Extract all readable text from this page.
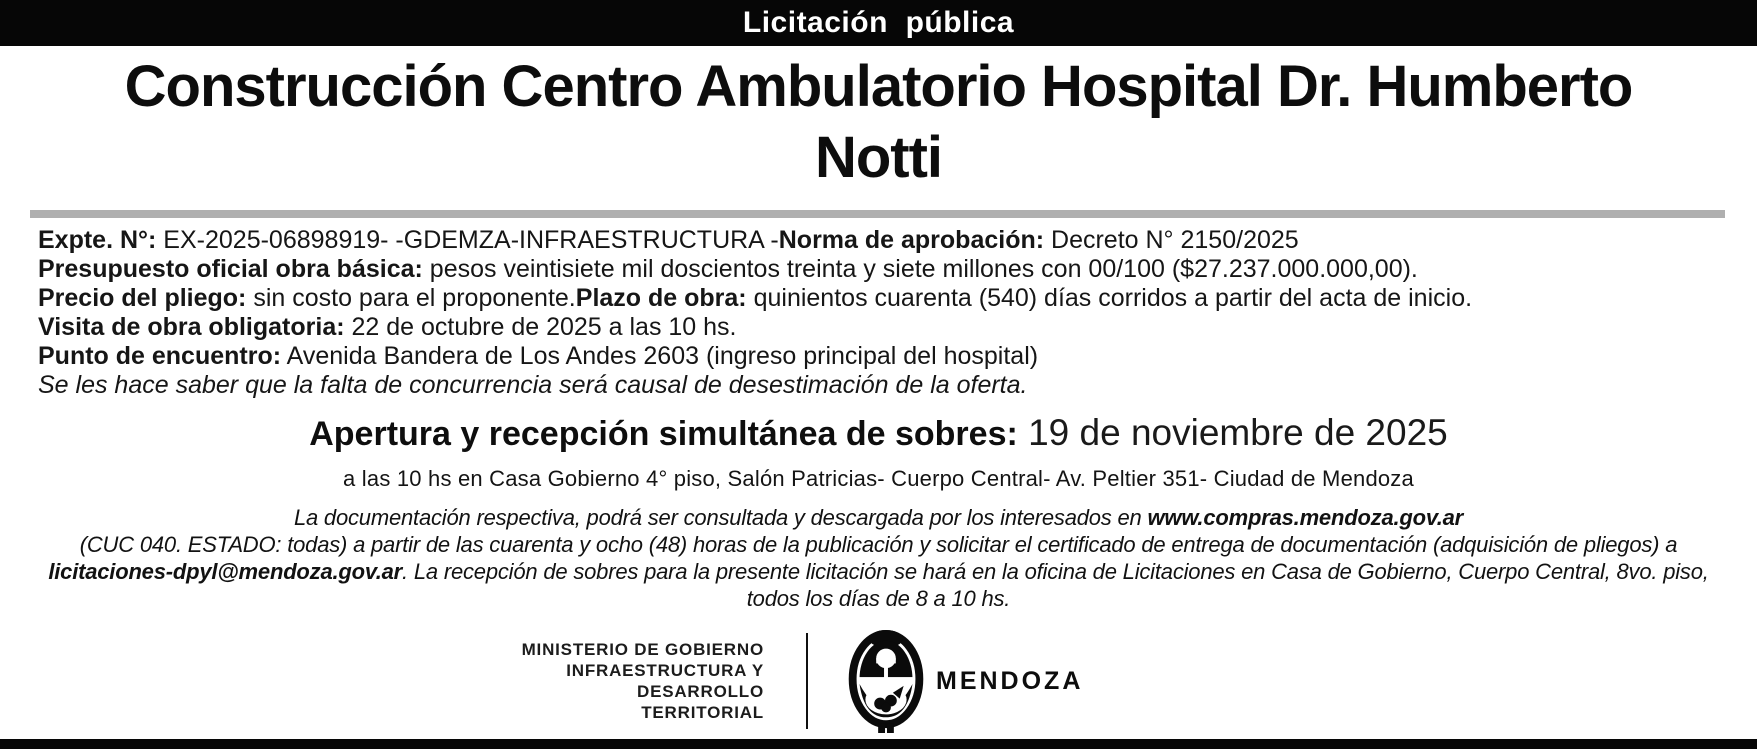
Licitación  pública
Construcción Centro Ambulatorio Hospital Dr. Humberto Notti

Expte. N°: EX-2025-06898919- -GDEMZA-INFRAESTRUCTURA -Norma de aprobación: Decreto N° 2150/2025

Presupuesto oficial obra básica: pesos veintisiete mil doscientos treinta y siete millones con 00/100 ($27.237.000.000,00).

Precio del pliego: sin costo para el proponente.Plazo de obra: quinientos cuarenta (540) días corridos a partir del acta de inicio.

Visita de obra obligatoria: 22 de octubre de 2025 a las 10 hs.

Punto de encuentro: Avenida Bandera de Los Andes 2603 (ingreso principal del hospital)

Se les hace saber que la falta de concurrencia será causal de desestimación de la oferta.

Apertura y recepción simultánea de sobres: 19 de noviembre de 2025
a las 10 hs en Casa Gobierno 4° piso, Salón Patricias- Cuerpo Central- Av. Peltier 351- Ciudad de Mendoza

La documentación respectiva, podrá ser consultada y descargada por los interesados en www.compras.mendoza.gov.ar

(CUC 040. ESTADO: todas) a partir de las cuarenta y ocho (48) horas de la publicación y solicitar el certificado de entrega de documentación (adquisición de pliegos) a

licitaciones-dpyl@mendoza.gov.ar. La recepción de sobres para la presente licitación se hará en la oficina de Licitaciones en Casa de Gobierno, Cuerpo Central, 8vo. piso,

todos los días de 8 a 10 hs.

MINISTERIO DE GOBIERNO
INFRAESTRUCTURA Y
DESARROLLO TERRITORIAL
MENDOZA
